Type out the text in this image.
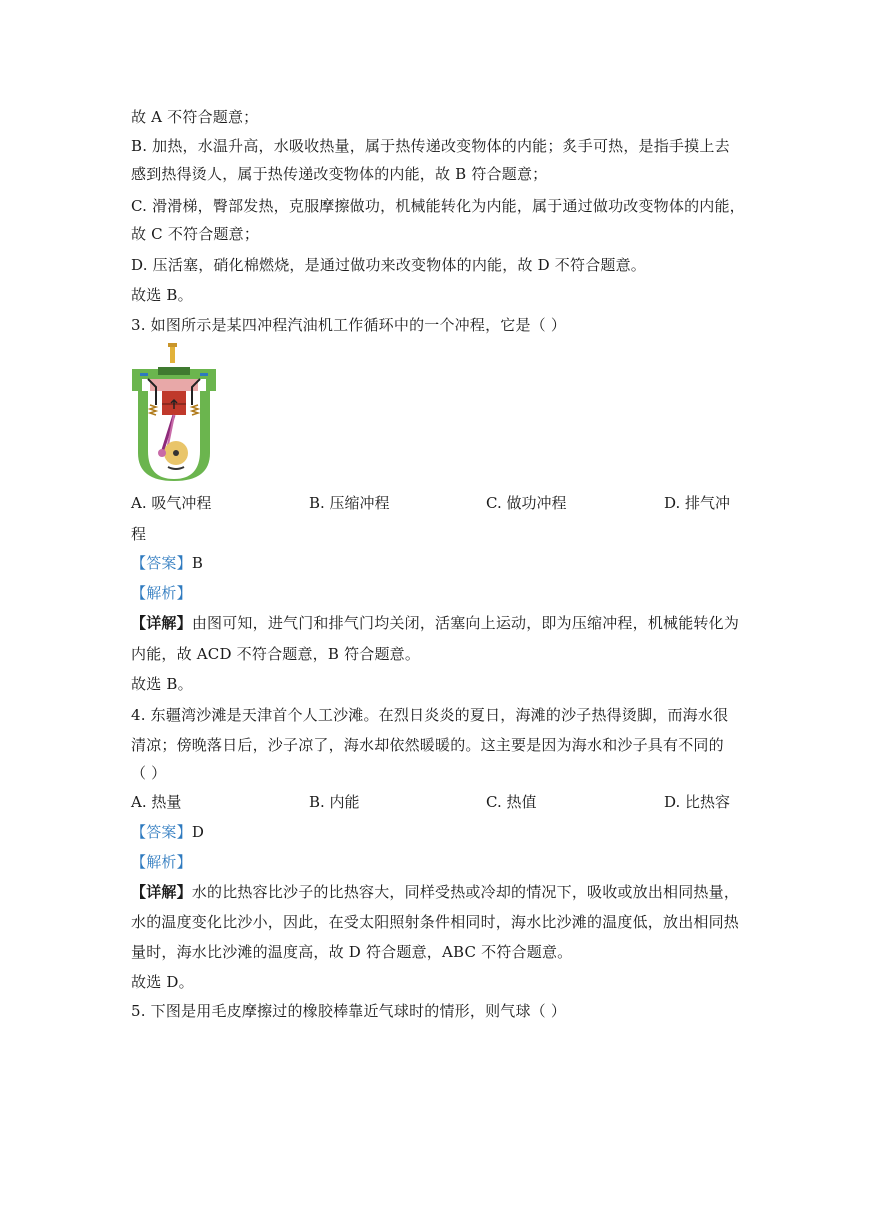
故 A 不符合题意；
B. 加热，水温升高，水吸收热量，属于热传递改变物体的内能；炙手可热，是指手摸上去
感到热得烫人，属于热传递改变物体的内能，故 B 符合题意；
C. 滑滑梯，臀部发热，克服摩擦做功，机械能转化为内能，属于通过做功改变物体的内能，
故 C 不符合题意；
D. 压活塞，硝化棉燃烧，是通过做功来改变物体的内能，故 D 不符合题意。
故选 B。
3. 如图所示是某四冲程汽油机工作循环中的一个冲程，它是（ ）
A. 吸气冲程	B. 压缩冲程	C. 做功冲程	D. 排气冲
程
【答案】B
【解析】
【详解】由图可知，进气门和排气门均关闭，活塞向上运动，即为压缩冲程，机械能转化为
内能，故 ACD 不符合题意，B 符合题意。
故选 B。
4. 东疆湾沙滩是天津首个人工沙滩。在烈日炎炎的夏日，海滩的沙子热得烫脚，而海水很
清凉；傍晚落日后，沙子凉了，海水却依然暖暖的。这主要是因为海水和沙子具有不同的
（ ）
A. 热量	B. 内能	C. 热值	D. 比热容
【答案】D
【解析】
【详解】水的比热容比沙子的比热容大，同样受热或冷却的情况下，吸收或放出相同热量，
水的温度变化比沙小，因此，在受太阳照射条件相同时，海水比沙滩的温度低，放出相同热
量时，海水比沙滩的温度高，故 D 符合题意，ABC 不符合题意。
故选 D。
5. 下图是用毛皮摩擦过的橡胶棒靠近气球时的情形，则气球（ ）
